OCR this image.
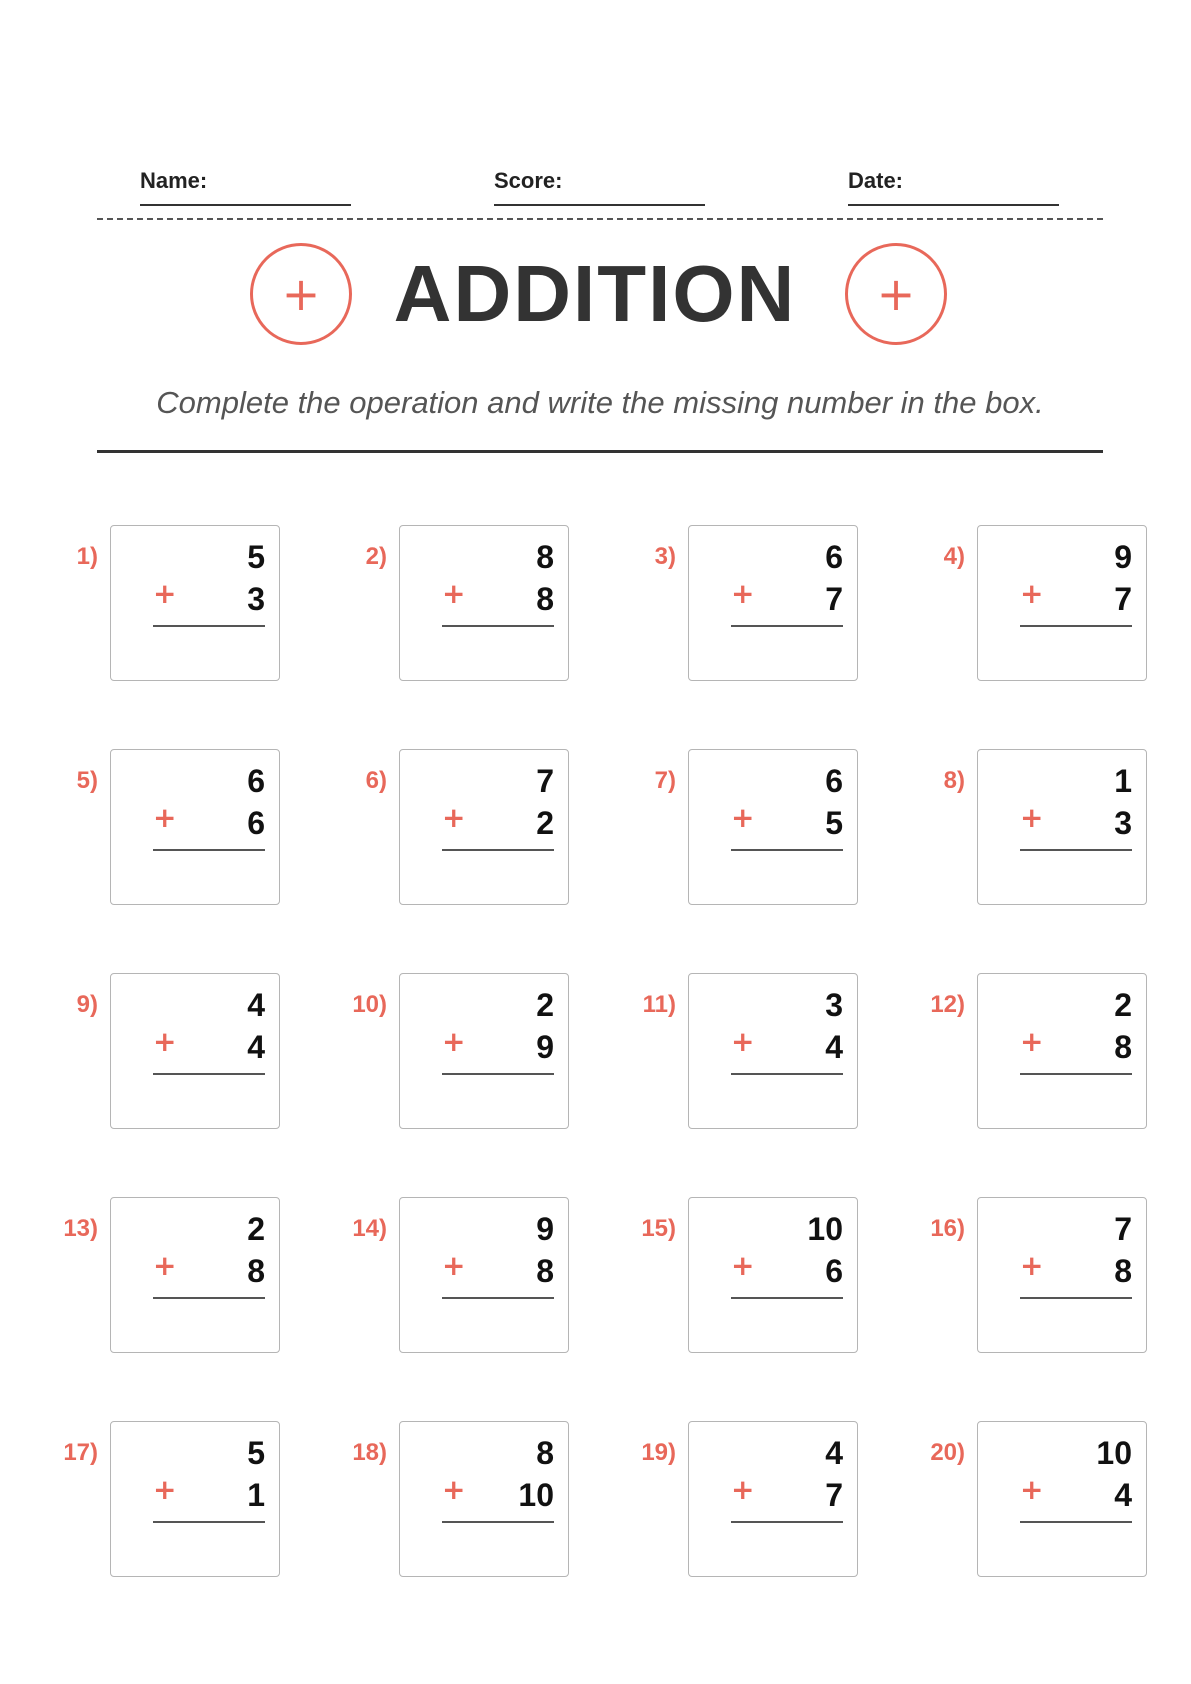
Name:	Score:	Date:
+ ADDITION +
Complete the operation and write the missing number in the box.
1)	5
+	3
2)	8
+	8
3)	6
+	7
4)	9
+	7
5)	6
+	6
6)	7
+	2
7)	6
+	5
8)	1
+	3
9)	4
+	4
10)	2
+	9
11)	3
+	4
12)	2
+	8
13)	2
+	8
14)	9
+	8
15)	10
+	6
16)	7
+	8
17)	5
+	1
18)	8
+	10
19)	4
+	7
20)	10
+	4
